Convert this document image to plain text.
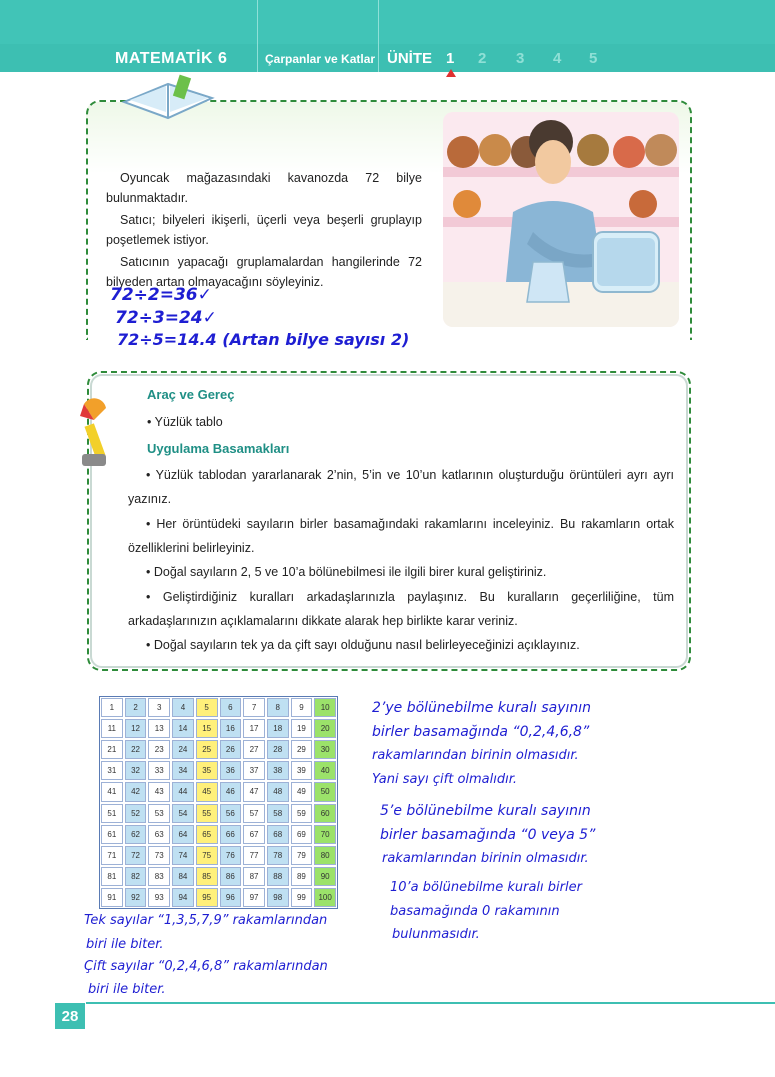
MATEMATİK 6	Çarpanlar ve Katlar ÜNİTE 1 2 3 4 5

Oyuncak mağazasındaki kavanozda 72 bilye bulunmaktadır.

Satıcı; bilyeleri ikişerli, üçerli veya beşerli gruplayıp poşetlemek istiyor.

Satıcının yapacağı gruplamalardan hangilerinde 72 bilyeden artan olmayacağını söyleyiniz.

72÷2=36✓
72÷3=24✓
72÷5=14.4 (Artan bilye sayısı 2)
Araç ve Gereç
• Yüzlük tablo
Uygulama Basamakları
• Yüzlük tablodan yararlanarak 2’nin, 5’in ve 10’un katlarının oluşturduğu örüntüleri ayrı ayrı yazınız.
• Her örüntüdeki sayıların birler basamağındaki rakamlarını inceleyiniz. Bu rakamların ortak özelliklerini belirleyiniz.
• Doğal sayıların 2, 5 ve 10’a bölünebilmesi ile ilgili birer kural geliştiriniz.
• Geliştirdiğiniz kuralları arkadaşlarınızla paylaşınız. Bu kuralların geçerliliğine, tüm arkadaşlarınızın açıklamalarını dikkate alarak hep birlikte karar veriniz.
• Doğal sayıların tek ya da çift sayı olduğunu nasıl belirleyeceğinizi açıklayınız.
1	2	3	4	5	6	7	8	9	10
11	12	13	14	15	16	17	18	19	20
21	22	23	24	25	26	27	28	29	30
31	32	33	34	35	36	37	38	39	40
41	42	43	44	45	46	47	48	49	50
51	52	53	54	55	56	57	58	59	60
61	62	63	64	65	66	67	68	69	70
71	72	73	74	75	76	77	78	79	80
81	82	83	84	85	86	87	88	89	90
91	92	93	94	95	96	97	98	99	100
2’ye bölünebilme kuralı sayının
birler basamağında “0,2,4,6,8”
rakamlarından birinin olmasıdır.
Yani sayı çift olmalıdır.
5’e bölünebilme kuralı sayının
birler basamağında “0 veya 5”
rakamlarından birinin olmasıdır.
10’a bölünebilme kuralı birler
basamağında 0 rakamının
bulunmasıdır.
Tek sayılar “1,3,5,7,9” rakamlarından
biri ile biter.
Çift sayılar “0,2,4,6,8” rakamlarından
biri ile biter.
28
